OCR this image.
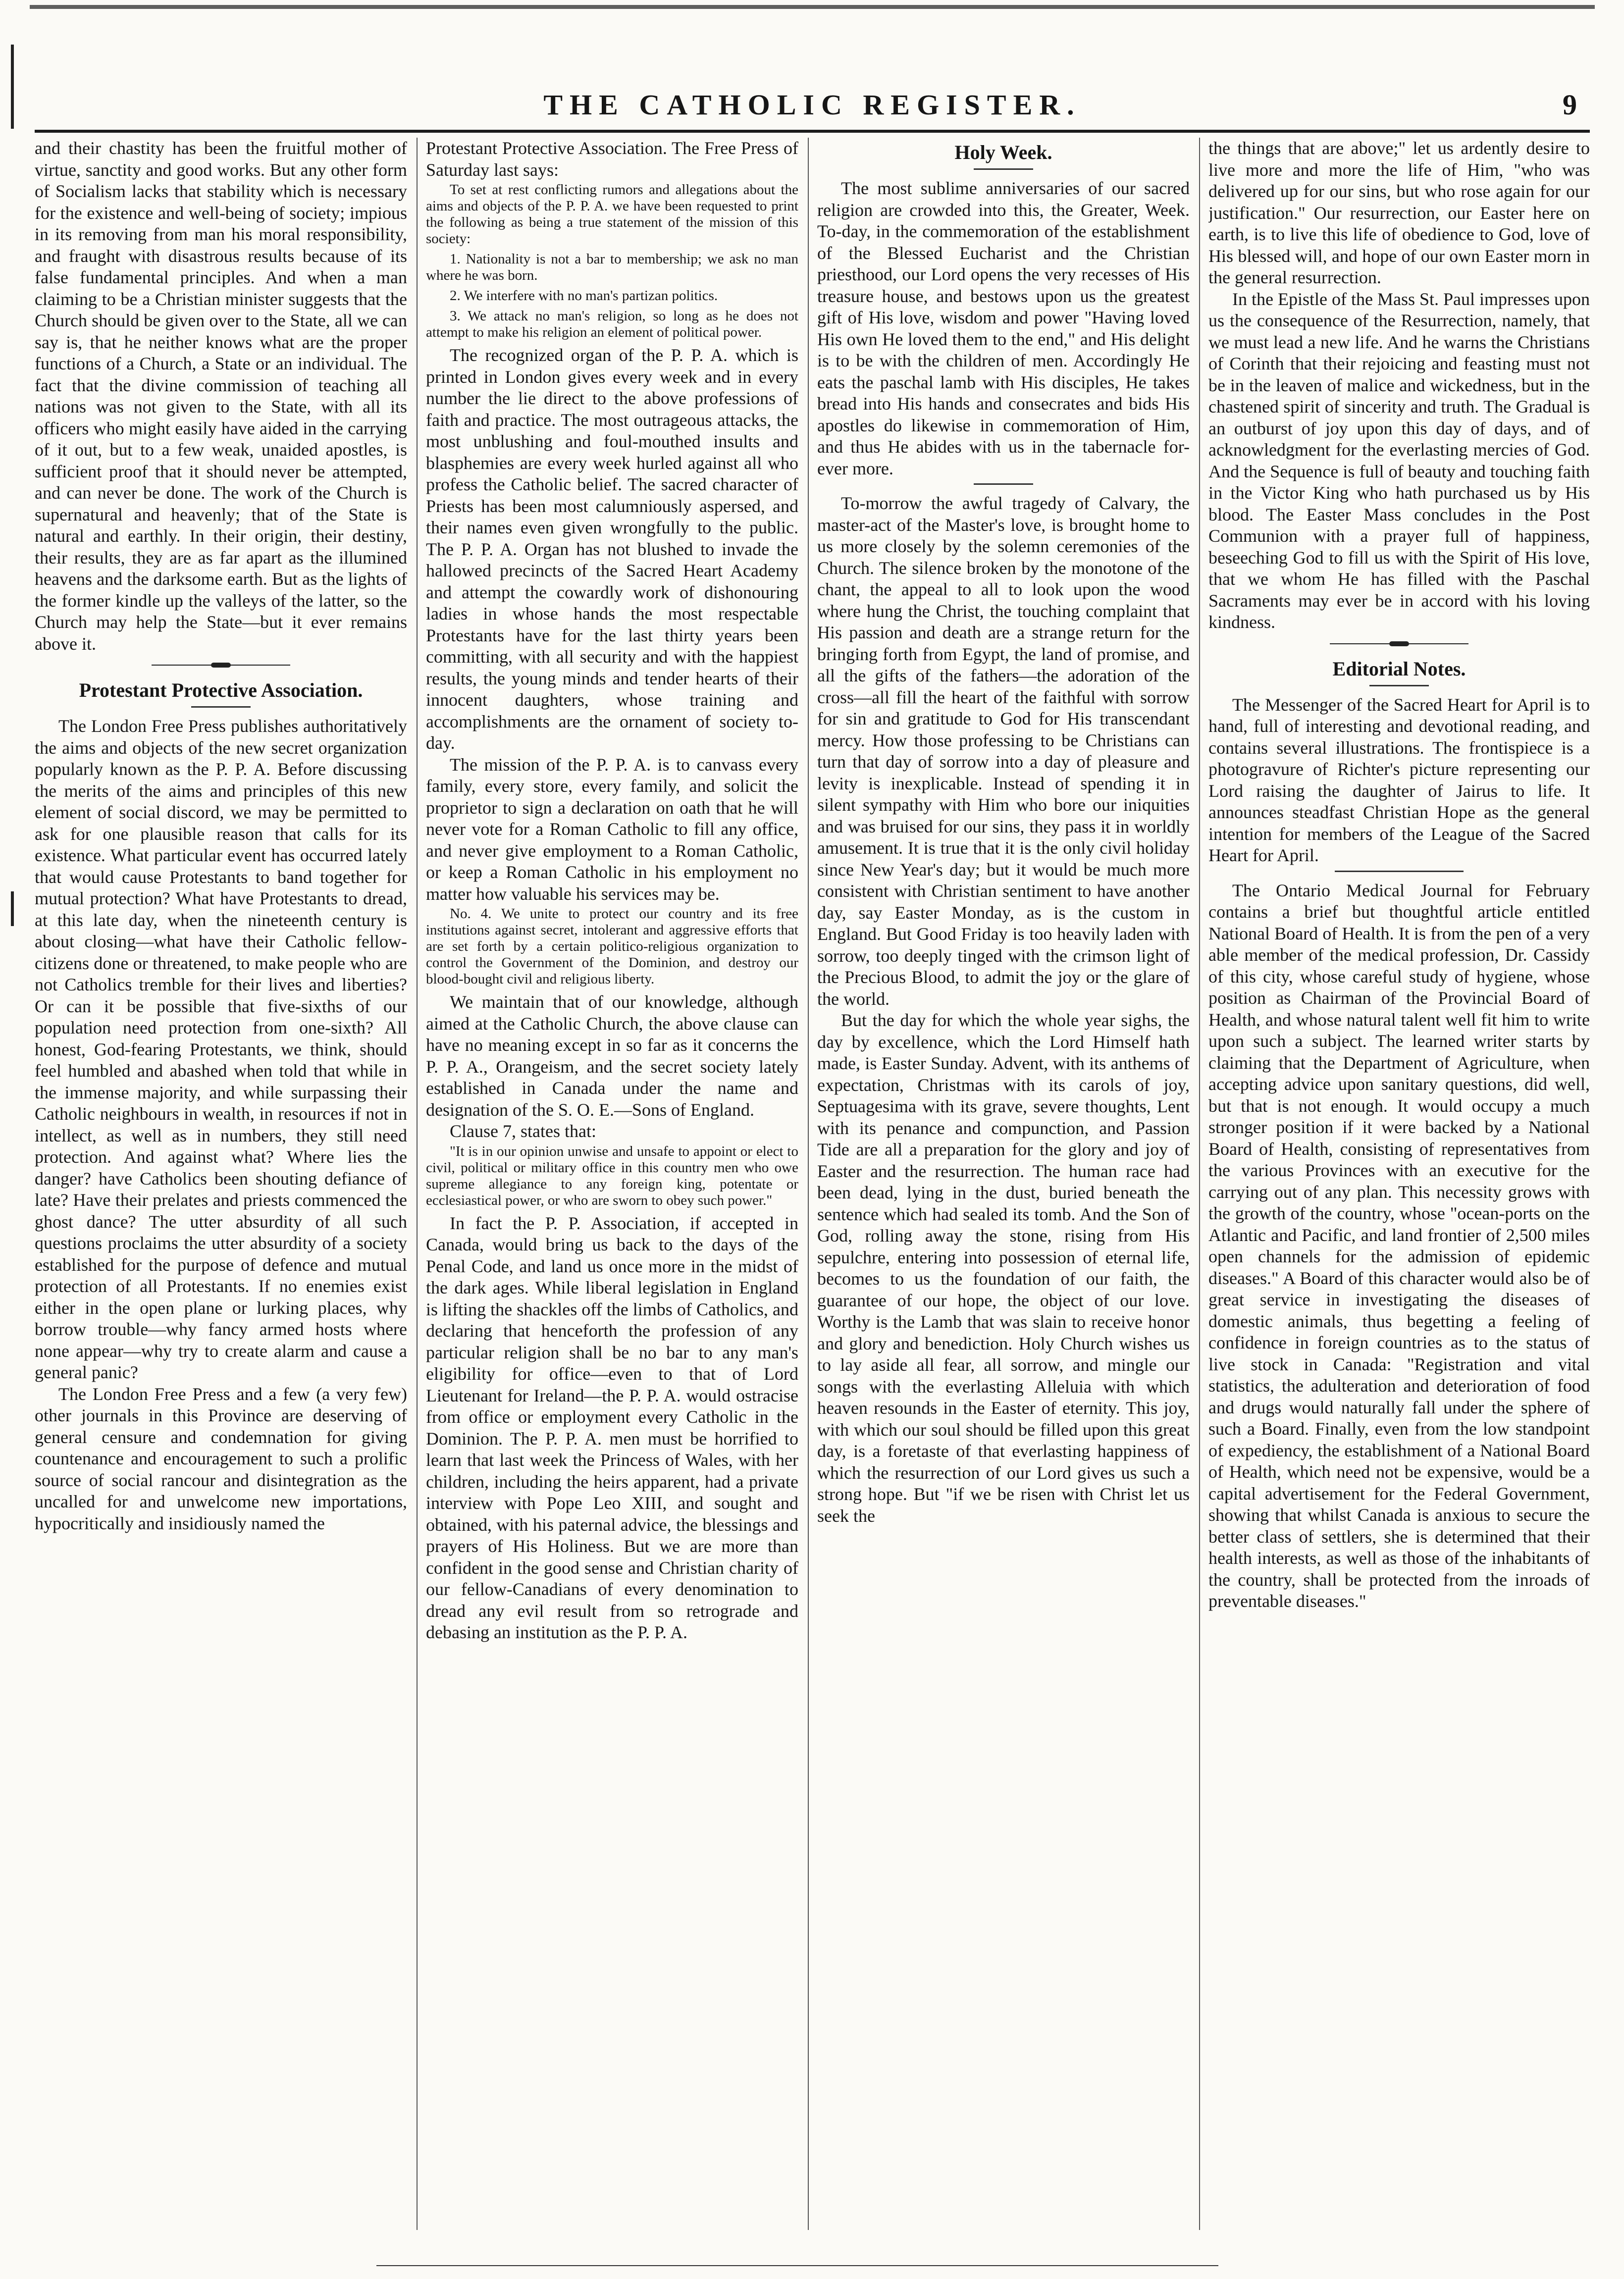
THE CATHOLIC REGISTER.	9

and their chastity has been the fruitful mother of virtue, sanctity and good works. But any other form of Socialism lacks that stability which is necessary for the existence and well-being of society; impious in its removing from man his moral responsibility, and fraught with disastrous results because of its false fundamental principles. And when a man claiming to be a Christian minister suggests that the Church should be given over to the State, all we can say is, that he neither knows what are the proper functions of a Church, a State or an individual. The fact that the divine commission of teaching all nations was not given to the State, with all its officers who might easily have aided in the carrying of it out, but to a few weak, unaided apostles, is sufficient proof that it should never be attempted, and can never be done. The work of the Church is supernatural and heavenly; that of the State is natural and earthly. In their origin, their destiny, their results, they are as far apart as the illumined heavens and the darksome earth. But as the lights of the former kindle up the valleys of the latter, so the Church may help the State—but it ever remains above it.

Protestant Protective Association.

The London Free Press publishes authoritatively the aims and objects of the new secret organization popularly known as the P. P. A. Before discussing the merits of the aims and principles of this new element of social discord, we may be permitted to ask for one plausible reason that calls for its existence. What particular event has occurred lately that would cause Protestants to band together for mutual protection? What have Protestants to dread, at this late day, when the nineteenth century is about closing—what have their Catholic fellow-citizens done or threatened, to make people who are not Catholics tremble for their lives and liberties? Or can it be possible that five-sixths of our population need protection from one-sixth? All honest, God-fearing Protestants, we think, should feel humbled and abashed when told that while in the immense majority, and while surpassing their Catholic neighbours in wealth, in resources if not in intellect, as well as in numbers, they still need protection. And against what? Where lies the danger? have Catholics been shouting defiance of late? Have their prelates and priests commenced the ghost dance? The utter absurdity of all such questions proclaims the utter absurdity of a society established for the purpose of defence and mutual protection of all Protestants. If no enemies exist either in the open plane or lurking places, why borrow trouble—why fancy armed hosts where none appear—why try to create alarm and cause a general panic?

The London Free Press and a few (a very few) other journals in this Province are deserving of general censure and condemnation for giving countenance and encouragement to such a prolific source of social rancour and disintegration as the uncalled for and unwelcome new importations, hypocritically and insidiously named the

Protestant Protective Association. The Free Press of Saturday last says:

To set at rest conflicting rumors and allegations about the aims and objects of the P. P. A. we have been requested to print the following as being a true statement of the mission of this society:

1. Nationality is not a bar to membership; we ask no man where he was born.

2. We interfere with no man's partizan politics.

3. We attack no man's religion, so long as he does not attempt to make his religion an element of political power.

The recognized organ of the P. P. A. which is printed in London gives every week and in every number the lie direct to the above professions of faith and practice. The most outrageous attacks, the most unblushing and foul-mouthed insults and blasphemies are every week hurled against all who profess the Catholic belief. The sacred character of Priests has been most calumniously aspersed, and their names even given wrongfully to the public. The P. P. A. Organ has not blushed to invade the hallowed precincts of the Sacred Heart Academy and attempt the cowardly work of dishonouring ladies in whose hands the most respectable Protestants have for the last thirty years been committing, with all security and with the happiest results, the young minds and tender hearts of their innocent daughters, whose training and accomplishments are the ornament of society to-day.

The mission of the P. P. A. is to canvass every family, every store, every family, and solicit the proprietor to sign a declaration on oath that he will never vote for a Roman Catholic to fill any office, and never give employment to a Roman Catholic, or keep a Roman Catholic in his employment no matter how valuable his services may be.

No. 4. We unite to protect our country and its free institutions against secret, intolerant and aggressive efforts that are set forth by a certain politico-religious organization to control the Government of the Dominion, and destroy our blood-bought civil and religious liberty.

We maintain that of our knowledge, although aimed at the Catholic Church, the above clause can have no meaning except in so far as it concerns the P. P. A., Orangeism, and the secret society lately established in Canada under the name and designation of the S. O. E.—Sons of England.

Clause 7, states that:

"It is in our opinion unwise and unsafe to appoint or elect to civil, political or military office in this country men who owe supreme allegiance to any foreign king, potentate or ecclesiastical power, or who are sworn to obey such power."

In fact the P. P. Association, if accepted in Canada, would bring us back to the days of the Penal Code, and land us once more in the midst of the dark ages. While liberal legislation in England is lifting the shackles off the limbs of Catholics, and declaring that henceforth the profession of any particular religion shall be no bar to any man's eligibility for office—even to that of Lord Lieutenant for Ireland—the P. P. A. would ostracise from office or employment every Catholic in the Dominion. The P. P. A. men must be horrified to learn that last week the Princess of Wales, with her children, including the heirs apparent, had a private interview with Pope Leo XIII, and sought and obtained, with his paternal advice, the blessings and prayers of His Holiness. But we are more than confident in the good sense and Christian charity of our fellow-Canadians of every denomination to dread any evil result from so retrograde and debasing an institution as the P. P. A.

Holy Week.

The most sublime anniversaries of our sacred religion are crowded into this, the Greater, Week. To-day, in the commemoration of the establishment of the Blessed Eucharist and the Christian priesthood, our Lord opens the very recesses of His treasure house, and bestows upon us the greatest gift of His love, wisdom and power "Having loved His own He loved them to the end," and His delight is to be with the children of men. Accordingly He eats the paschal lamb with His disciples, He takes bread into His hands and consecrates and bids His apostles do likewise in commemoration of Him, and thus He abides with us in the tabernacle for-ever more.

To-morrow the awful tragedy of Calvary, the master-act of the Master's love, is brought home to us more closely by the solemn ceremonies of the Church. The silence broken by the monotone of the chant, the appeal to all to look upon the wood where hung the Christ, the touching complaint that His passion and death are a strange return for the bringing forth from Egypt, the land of promise, and all the gifts of the fathers—the adoration of the cross—all fill the heart of the faithful with sorrow for sin and gratitude to God for His transcendant mercy. How those professing to be Christians can turn that day of sorrow into a day of pleasure and levity is inexplicable. Instead of spending it in silent sympathy with Him who bore our iniquities and was bruised for our sins, they pass it in worldly amusement. It is true that it is the only civil holiday since New Year's day; but it would be much more consistent with Christian sentiment to have another day, say Easter Monday, as is the custom in England. But Good Friday is too heavily laden with sorrow, too deeply tinged with the crimson light of the Precious Blood, to admit the joy or the glare of the world.

But the day for which the whole year sighs, the day by excellence, which the Lord Himself hath made, is Easter Sunday. Advent, with its anthems of expectation, Christmas with its carols of joy, Septuagesima with its grave, severe thoughts, Lent with its penance and compunction, and Passion Tide are all a preparation for the glory and joy of Easter and the resurrection. The human race had been dead, lying in the dust, buried beneath the sentence which had sealed its tomb. And the Son of God, rolling away the stone, rising from His sepulchre, entering into possession of eternal life, becomes to us the foundation of our faith, the guarantee of our hope, the object of our love. Worthy is the Lamb that was slain to receive honor and glory and benediction. Holy Church wishes us to lay aside all fear, all sorrow, and mingle our songs with the everlasting Alleluia with which heaven resounds in the Easter of eternity. This joy, with which our soul should be filled upon this great day, is a foretaste of that everlasting happiness of which the resurrection of our Lord gives us such a strong hope. But "if we be risen with Christ let us seek the

the things that are above;" let us ardently desire to live more and more the life of Him, "who was delivered up for our sins, but who rose again for our justification." Our resurrection, our Easter here on earth, is to live this life of obedience to God, love of His blessed will, and hope of our own Easter morn in the general resurrection.

In the Epistle of the Mass St. Paul impresses upon us the consequence of the Resurrection, namely, that we must lead a new life. And he warns the Christians of Corinth that their rejoicing and feasting must not be in the leaven of malice and wickedness, but in the chastened spirit of sincerity and truth. The Gradual is an outburst of joy upon this day of days, and of acknowledgment for the everlasting mercies of God. And the Sequence is full of beauty and touching faith in the Victor King who hath purchased us by His blood. The Easter Mass concludes in the Post Communion with a prayer full of happiness, beseeching God to fill us with the Spirit of His love, that we whom He has filled with the Paschal Sacraments may ever be in accord with his loving kindness.

Editorial Notes.

The Messenger of the Sacred Heart for April is to hand, full of interesting and devotional reading, and contains several illustrations. The frontispiece is a photogravure of Richter's picture representing our Lord raising the daughter of Jairus to life. It announces steadfast Christian Hope as the general intention for members of the League of the Sacred Heart for April.

The Ontario Medical Journal for February contains a brief but thoughtful article entitled National Board of Health. It is from the pen of a very able member of the medical profession, Dr. Cassidy of this city, whose careful study of hygiene, whose position as Chairman of the Provincial Board of Health, and whose natural talent well fit him to write upon such a subject. The learned writer starts by claiming that the Department of Agriculture, when accepting advice upon sanitary questions, did well, but that is not enough. It would occupy a much stronger position if it were backed by a National Board of Health, consisting of representatives from the various Provinces with an executive for the carrying out of any plan. This necessity grows with the growth of the country, whose "ocean-ports on the Atlantic and Pacific, and land frontier of 2,500 miles open channels for the admission of epidemic diseases." A Board of this character would also be of great service in investigating the diseases of domestic animals, thus begetting a feeling of confidence in foreign countries as to the status of live stock in Canada: "Registration and vital statistics, the adulteration and deterioration of food and drugs would naturally fall under the sphere of such a Board. Finally, even from the low standpoint of expediency, the establishment of a National Board of Health, which need not be expensive, would be a capital advertisement for the Federal Government, showing that whilst Canada is anxious to secure the better class of settlers, she is determined that their health interests, as well as those of the inhabitants of the country, shall be protected from the inroads of preventable diseases."
